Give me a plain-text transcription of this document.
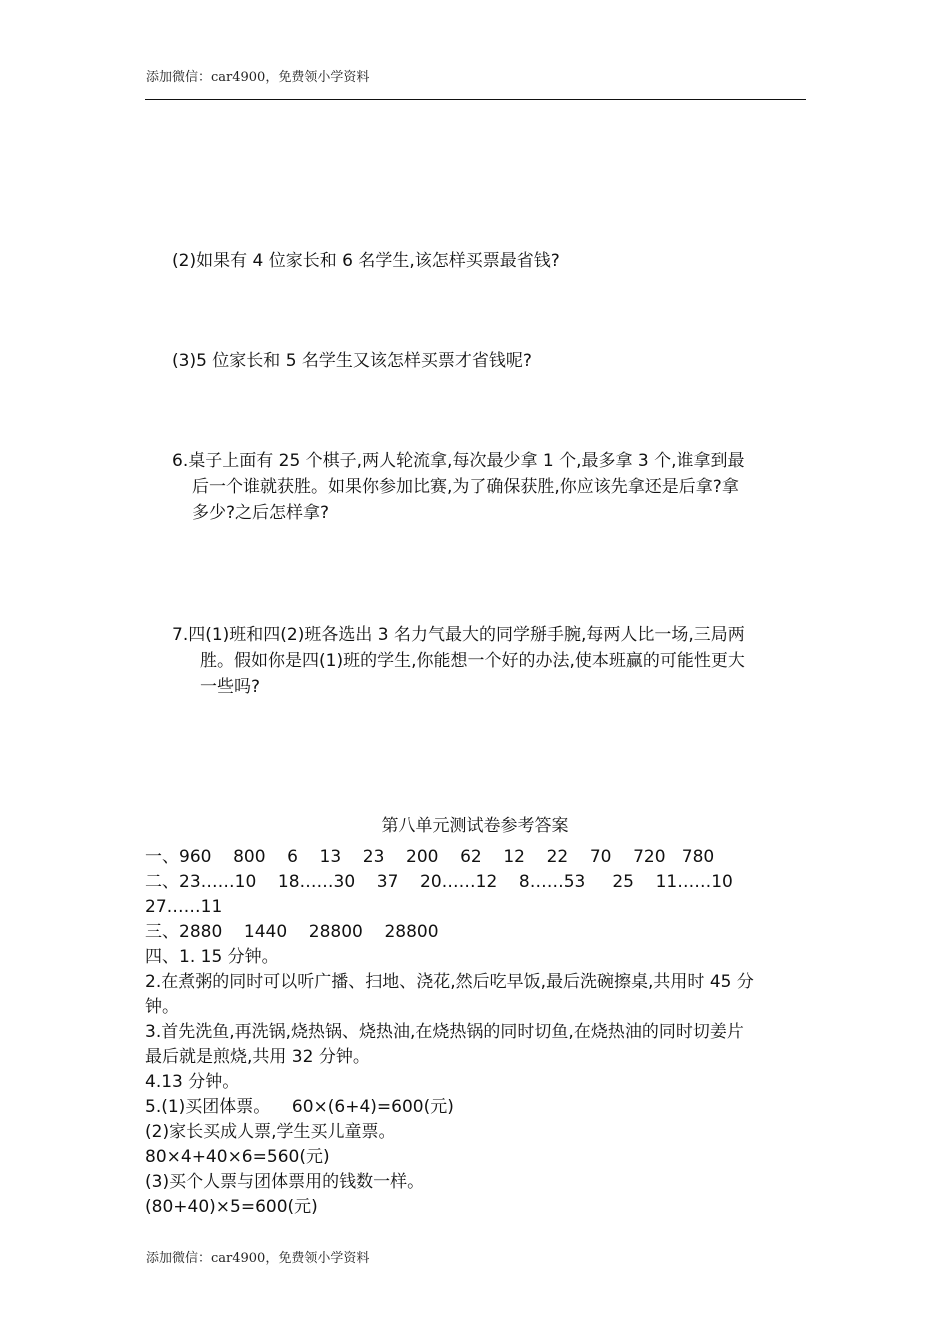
添加微信：car4900，免费领小学资料
(2)如果有 4 位家长和 6 名学生,该怎样买票最省钱?
(3)5 位家长和 5 名学生又该怎样买票才省钱呢?
6.桌子上面有 25 个棋子,两人轮流拿,每次最少拿 1 个,最多拿 3 个,谁拿到最
后一个谁就获胜。如果你参加比赛,为了确保获胜,你应该先拿还是后拿?拿
多少?之后怎样拿?
7.四(1)班和四(2)班各选出 3 名力气最大的同学掰手腕,每两人比一场,三局两
胜。假如你是四(1)班的学生,你能想一个好的办法,使本班赢的可能性更大
一些吗?
第八单元测试卷参考答案
一、960    800    6    13    23    200    62    12    22    70    720   780
二、23……10    18……30    37    20……12    8……53     25    11……10
27……11
三、2880    1440    28800    28800
四、1. 15 分钟。
2.在煮粥的同时可以听广播、扫地、浇花,然后吃早饭,最后洗碗擦桌,共用时 45 分
钟。
3.首先洗鱼,再洗锅,烧热锅、烧热油,在烧热锅的同时切鱼,在烧热油的同时切姜片
最后就是煎烧,共用 32 分钟。
4.13 分钟。
5.(1)买团体票。    60×(6+4)=600(元)
(2)家长买成人票,学生买儿童票。
80×4+40×6=560(元)
(3)买个人票与团体票用的钱数一样。
(80+40)×5=600(元)
添加微信：car4900，免费领小学资料
